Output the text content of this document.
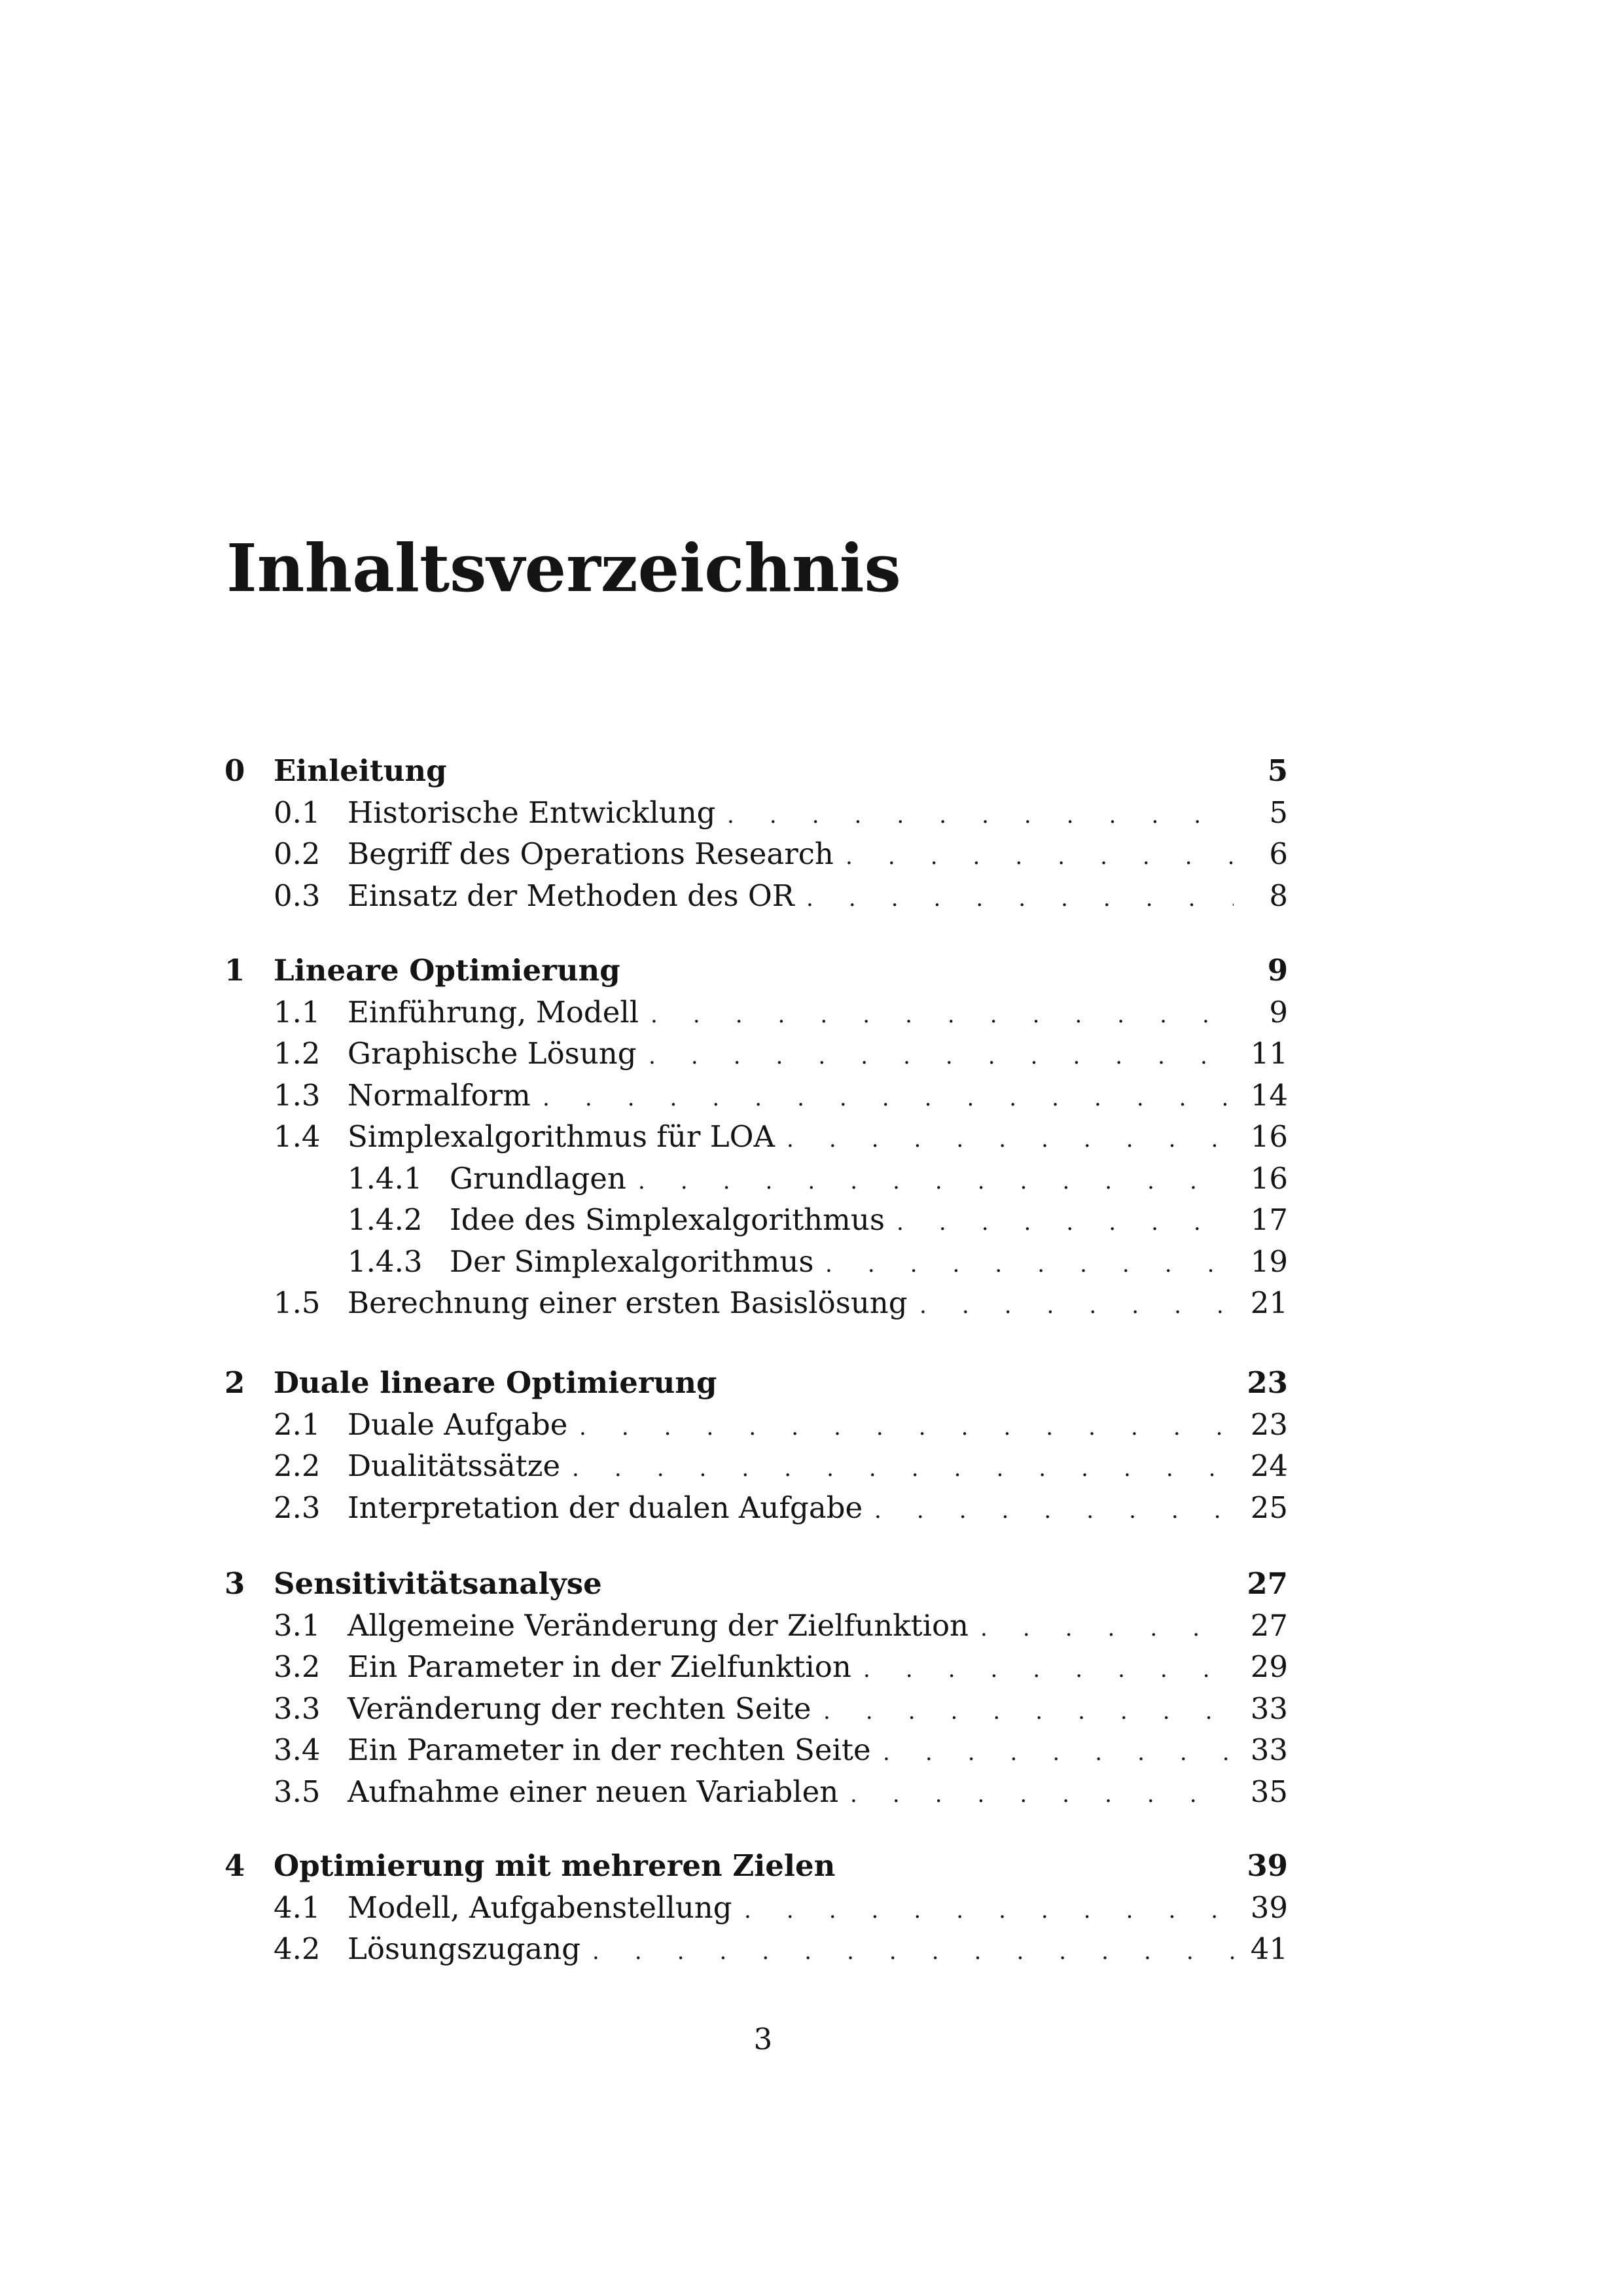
Inhaltsverzeichnis
0 Einleitung	5
0.1 Historische Entwicklung .	5
0.2 Begriff des Operations Research .	6
0.3 Einsatz der Methoden des OR .	8
1 Lineare Optimierung	9
1.1 Einführung, Modell .	9
1.2 Graphische Lösung .	11
1.3 Normalform .	14
1.4 Simplexalgorithmus für LOA .	16
1.4.1 Grundlagen .	16
1.4.2 Idee des Simplexalgorithmus .	17
1.4.3 Der Simplexalgorithmus .	19
1.5 Berechnung einer ersten Basislösung .	21
2 Duale lineare Optimierung	23
2.1 Duale Aufgabe .	23
2.2 Dualitätssätze .	24
2.3 Interpretation der dualen Aufgabe .	25
3 Sensitivitätsanalyse	27
3.1 Allgemeine Veränderung der Zielfunktion .	27
3.2 Ein Parameter in der Zielfunktion .	29
3.3 Veränderung der rechten Seite .	33
3.4 Ein Parameter in der rechten Seite .	33
3.5 Aufnahme einer neuen Variablen .	35
4 Optimierung mit mehreren Zielen	39
4.1 Modell, Aufgabenstellung .	39
4.2 Lösungszugang .	41
3
